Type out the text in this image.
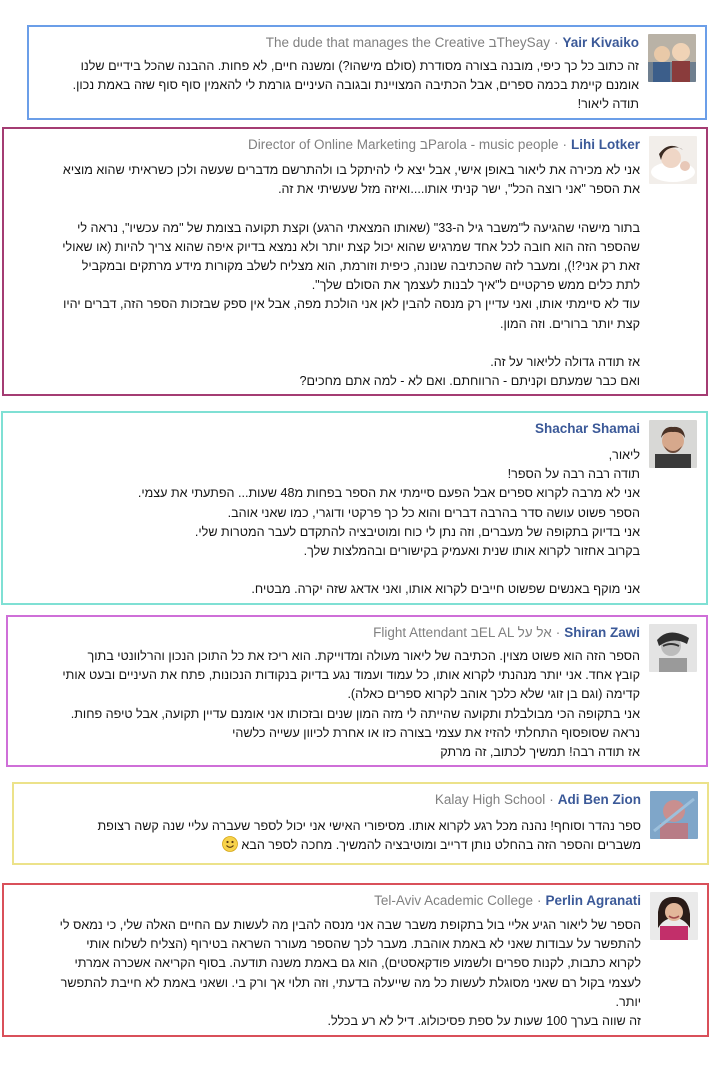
The dude that manages the Creative בTheySay · Yair Kivaiko

זה כתוב כל כך כיפי, מובנה בצורה מסודרת (סולם מישהו?) ומשנה חיים, לא פחות. ההבנה שהכל בידיים שלנו

אומנם קיימת בכמה ספרים, אבל הכתיבה המצויינת ובגובה העיניים גורמת לי להאמין סוף סוף שזה באמת נכון.

תודה ליאור!

Director of Online Marketing בParola - music people · Lihi Lotker

אני לא מכירה את ליאור באופן אישי, אבל יצא לי להיתקל בו ולהתרשם מדברים שעשה ולכן כשראיתי שהוא מוציא

את הספר "אני רוצה הכל", ישר קניתי אותו....ואיזה מזל שעשיתי את זה.

בתור מישהי שהגיעה ל"משבר גיל ה-33" (שאותו המצאתי הרגע) וקצת תקועה בצומת של "מה עכשיו", נראה לי

שהספר הזה הוא חובה לכל אחד שמרגיש שהוא יכול קצת יותר ולא נמצא בדיוק איפה שהוא צריך להיות (או שאולי

זאת רק אני?!), ומעבר לזה שהכתיבה שנונה, כיפית וזורמת, הוא מצליח לשלב מקורות מידע מרתקים ובמקביל

לתת כלים ממש פרקטיים ל"איך לבנות לעצמך את הסולם שלך".

עוד לא סיימתי אותו, ואני עדיין רק מנסה להבין לאן אני הולכת מפה, אבל אין ספק שבזכות הספר הזה, דברים יהיו

קצת יותר ברורים. וזה המון.

אז תודה גדולה לליאור על זה.

ואם כבר שמעתם וקניתם - הרווחתם. ואם לא - למה אתם מחכים?

Shachar Shamai

ליאור,

תודה רבה רבה על הספר!

אני לא מרבה לקרוא ספרים אבל הפעם סיימתי את הספר בפחות מ48 שעות... הפתעתי את עצמי.

הספר פשוט עושה סדר בהרבה דברים והוא כל כך פרקטי ודוגרי, כמו שאני אוהב.

אני בדיוק בתקופה של מעברים, וזה נתן לי כוח ומוטיבציה להתקדם לעבר המטרות שלי.

בקרוב אחזור לקרוא אותו שנית ואעמיק בקישורים ובהמלצות שלך.

אני מוקף באנשים שפשוט חייבים לקרוא אותו, ואני אדאג שזה יקרה. מבטיח.

Flight Attendant בEL AL אל על · Shiran Zawi

הספר הזה הוא פשוט מצוין. הכתיבה של ליאור מעולה ומדוייקת. הוא ריכז את כל התוכן הנכון והרלוונטי בתוך

קובץ אחד. אני יותר מנהנתי לקרוא אותו, כל עמוד ועמוד נגע בדיוק בנקודות הנכונות, פתח את העיניים ובעט אותי

קדימה (וגם בן זוגי שלא כלכך אוהב לקרוא ספרים כאלה).

אני בתקופה הכי מבולבלת ותקועה שהייתה לי מזה המון שנים ובזכותו אני אומנם עדיין תקועה, אבל טיפה פחות.

נראה שסופסוף התחלתי להזיז את עצמי בצורה כזו או אחרת לכיוון עשייה כלשהי

אז תודה רבה! תמשיך לכתוב, זה מרתק

Kalay High School · Adi Ben Zion

ספר נהדר וסוחף! נהנה מכל רגע לקרוא אותו. מסיפורי האישי אני יכול לספר שעברה עליי שנה קשה רצופת

משברים והספר הזה בהחלט נותן דרייב ומוטיבציה להמשיך. מחכה לספר הבא

Tel-Aviv Academic College · Perlin Agranati

הספר של ליאור הגיע אליי בול בתקופת משבר שבה אני מנסה להבין מה לעשות עם החיים האלה שלי, כי נמאס לי

להתפשר על עבודות שאני לא באמת אוהבת. מעבר לכך שהספר מעורר השראה בטירוף (הצליח לשלוח אותי

לקרוא כתבות, לקנות ספרים ולשמוע פודקאסטים), הוא גם באמת משנה תודעה. בסוף הקריאה אשכרה אמרתי

לעצמי בקול רם שאני מסוגלת לעשות כל מה שייעלה בדעתי, וזה תלוי אך ורק בי. ושאני באמת לא חייבת להתפשר

יותר.

זה שווה בערך 100 שעות על ספת פסיכולוג. דיל לא רע בכלל.
